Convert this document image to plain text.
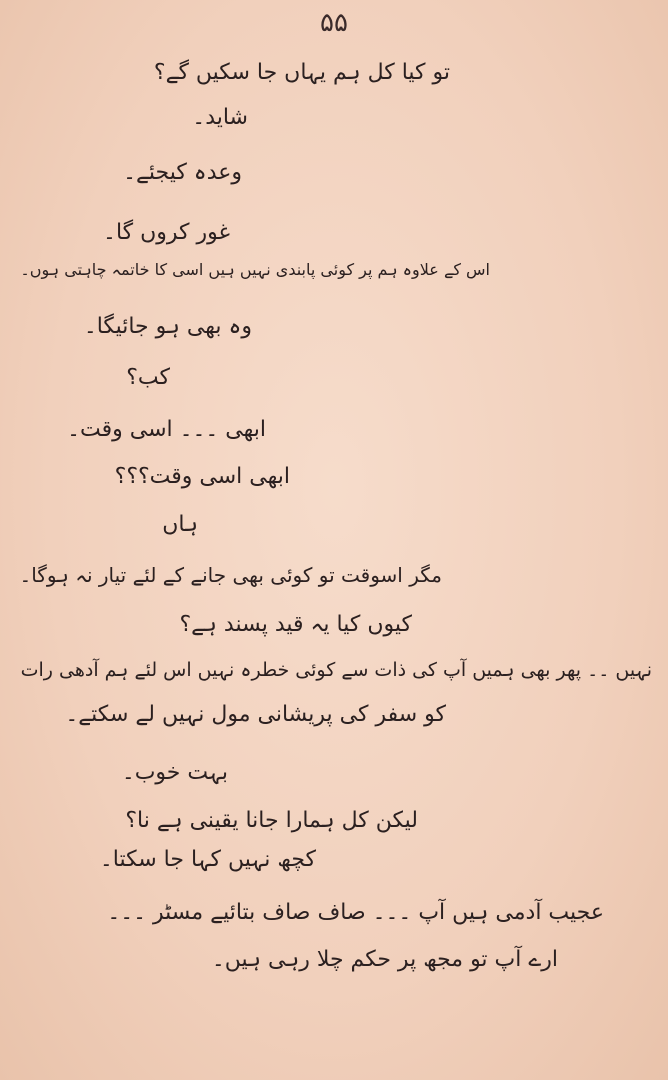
۵۵
تو کیا کل ہم یہاں جا سکیں گے؟
شاید۔
وعدہ کیجئے۔
غور کروں گا۔
اس کے علاوہ ہم پر کوئی پابندی نہیں ہیں اسی کا خاتمہ چاہتی ہوں۔
وہ بھی ہو جائیگا۔
کب؟
ابھی ۔۔۔ اسی وقت۔
ابھی اسی وقت؟؟؟
ہاں
مگر اسوقت تو کوئی بھی جانے کے لئے تیار نہ ہوگا۔
کیوں کیا یہ قید پسند ہے؟
نہیں ۔۔ پھر بھی ہمیں آپ کی ذات سے کوئی خطرہ نہیں اس لئے ہم آدھی رات
کو سفر کی پریشانی مول نہیں لے سکتے۔
بہت خوب۔
لیکن کل ہمارا جانا یقینی ہے نا؟
کچھ نہیں کہا جا سکتا۔
عجیب آدمی ہیں آپ ۔۔۔ صاف صاف بتائیے مسٹر ۔۔۔
ارے آپ تو مجھ پر حکم چلا رہی ہیں۔
